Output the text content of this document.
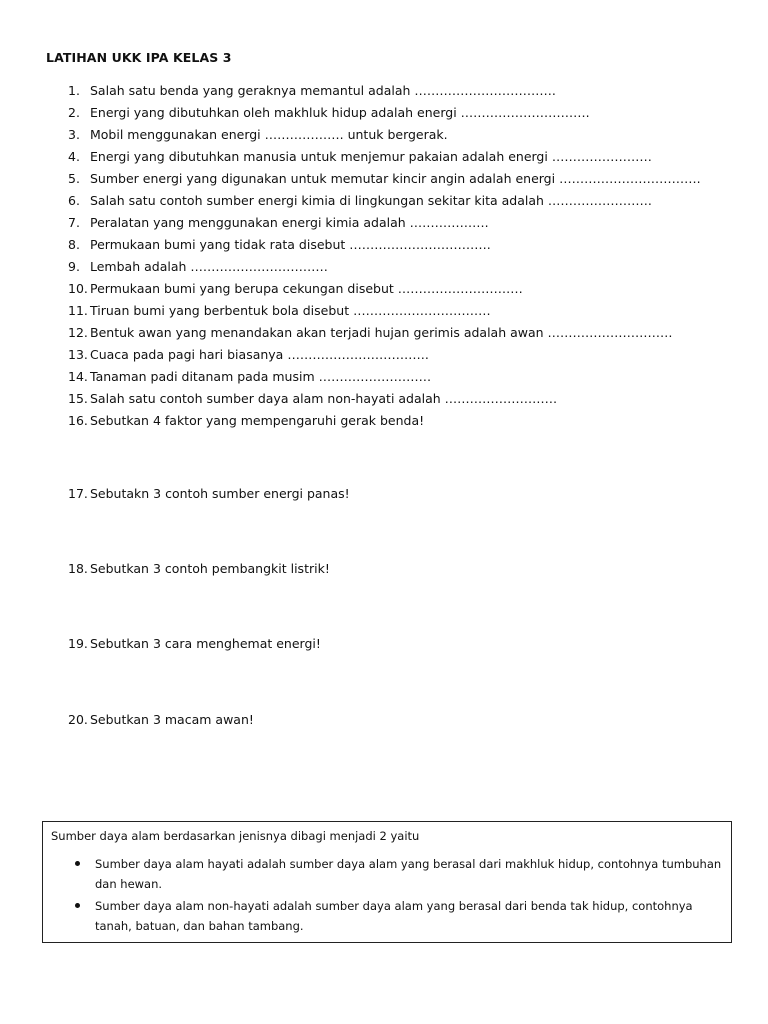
LATIHAN UKK IPA KELAS 3
1. Salah satu benda yang geraknya memantul adalah …………………………….
2. Energi yang dibutuhkan oleh makhluk hidup adalah energi ………………………….
3. Mobil menggunakan energi ………………. untuk bergerak.
4. Energi yang dibutuhkan manusia untuk menjemur pakaian adalah energi ……………………
5. Sumber energi yang digunakan untuk memutar kincir angin adalah energi …………………………….
6. Salah satu contoh sumber energi kimia di lingkungan sekitar kita adalah …………………….
7. Peralatan yang menggunakan energi kimia adalah ……………….
8. Permukaan bumi yang tidak rata disebut …………………………….
9. Lembah adalah ……………………………
10. Permukaan bumi yang berupa cekungan disebut …………………………
11. Tiruan bumi yang berbentuk bola disebut ……………………………
12. Bentuk awan yang menandakan akan terjadi hujan gerimis adalah awan …………………………
13. Cuaca pada pagi hari biasanya …………………………….
14. Tanaman padi ditanam pada musim ………………………
15. Salah satu contoh sumber daya alam non-hayati adalah ………………………
16. Sebutkan 4 faktor yang mempengaruhi gerak benda!
17. Sebutakn 3 contoh sumber energi panas!
18. Sebutkan 3 contoh pembangkit listrik!
19. Sebutkan 3 cara menghemat energi!
20. Sebutkan 3 macam awan!

Sumber daya alam berdasarkan jenisnya dibagi menjadi 2 yaitu

Sumber daya alam hayati adalah sumber daya alam yang berasal dari makhluk hidup, contohnya tumbuhan dan hewan.
Sumber daya alam non-hayati adalah sumber daya alam yang berasal dari benda tak hidup, contohnya tanah, batuan, dan bahan tambang.
